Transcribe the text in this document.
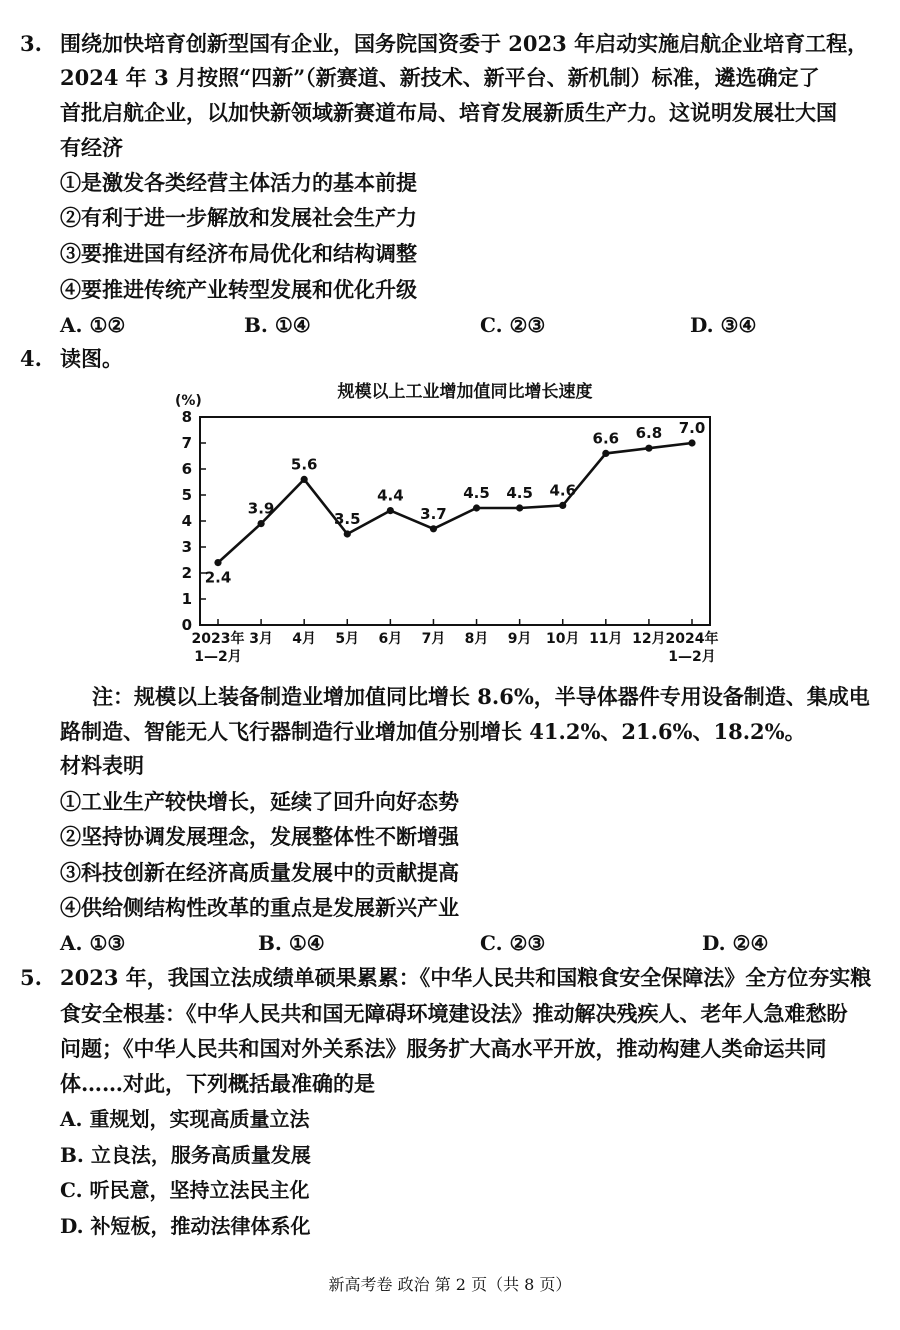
3. 围绕加快培育创新型国有企业，国务院国资委于 2023 年启动实施启航企业培育工程，
2024 年 3 月按照“四新”（新赛道、新技术、新平台、新机制）标准，遴选确定了
首批启航企业，以加快新领域新赛道布局、培育发展新质生产力。这说明发展壮大国
有经济
①是激发各类经营主体活力的基本前提
②有利于进一步解放和发展社会生产力
③要推进国有经济布局优化和结构调整
④要推进传统产业转型发展和优化升级
A. ①②	B. ①④	C. ②③	D. ③④
4. 读图。
规模以上工业增加值同比增长速度
(%)
0
1
2
3
4
5
6
7
8
2023年
1—2月
3月 4月 5月 6月 7月 8月 9月 10月 11月 12月 2024年
1—2月
2.4
3.9
5.6
3.5
4.4
3.7
4.5 4.5 4.6
6.6 6.8 7.0
注：规模以上装备制造业增加值同比增长 8.6%，半导体器件专用设备制造、集成电
路制造、智能无人飞行器制造行业增加值分别增长 41.2%、21.6%、18.2%。
材料表明
①工业生产较快增长，延续了回升向好态势
②坚持协调发展理念，发展整体性不断增强
③科技创新在经济高质量发展中的贡献提高
④供给侧结构性改革的重点是发展新兴产业
A. ①③	B. ①④	C. ②③	D. ②④
5. 2023 年，我国立法成绩单硕果累累：《中华人民共和国粮食安全保障法》全方位夯实粮
食安全根基：《中华人民共和国无障碍环境建设法》推动解决残疾人、老年人急难愁盼
问题；《中华人民共和国对外关系法》服务扩大高水平开放，推动构建人类命运共同
体……对此，下列概括最准确的是
A. 重规划，实现高质量立法
B. 立良法，服务高质量发展
C. 听民意，坚持立法民主化
D. 补短板，推动法律体系化
新高考卷 政治 第 2 页（共 8 页）
